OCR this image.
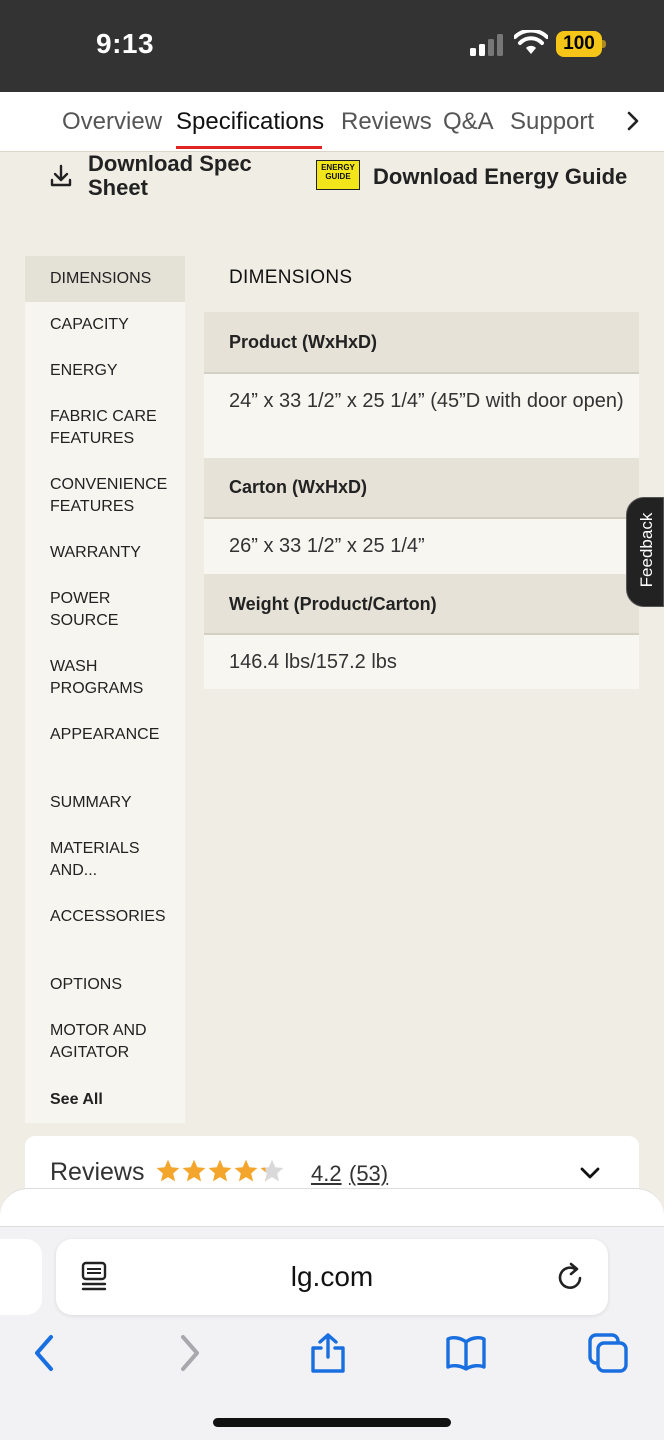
9:13	100
Overview Specifications Reviews Q&A Support
Download Spec Sheet
ENERGY GUIDE Download Energy Guide
DIMENSIONS
CAPACITY
ENERGY
FABRIC CARE FEATURES
CONVENIENCE FEATURES
WARRANTY
POWER SOURCE
WASH PROGRAMS
APPEARANCE
SUMMARY
MATERIALS AND...
ACCESSORIES
OPTIONS
MOTOR AND AGITATOR
See All
DIMENSIONS
Product (WxHxD)
24” x 33 1/2” x 25 1/4” (45”D with door open)
Carton (WxHxD)
26” x 33 1/2” x 25 1/4”
Weight (Product/Carton)
146.4 lbs/157.2 lbs
Feedback
Reviews	4.2 (53)
lg.com
